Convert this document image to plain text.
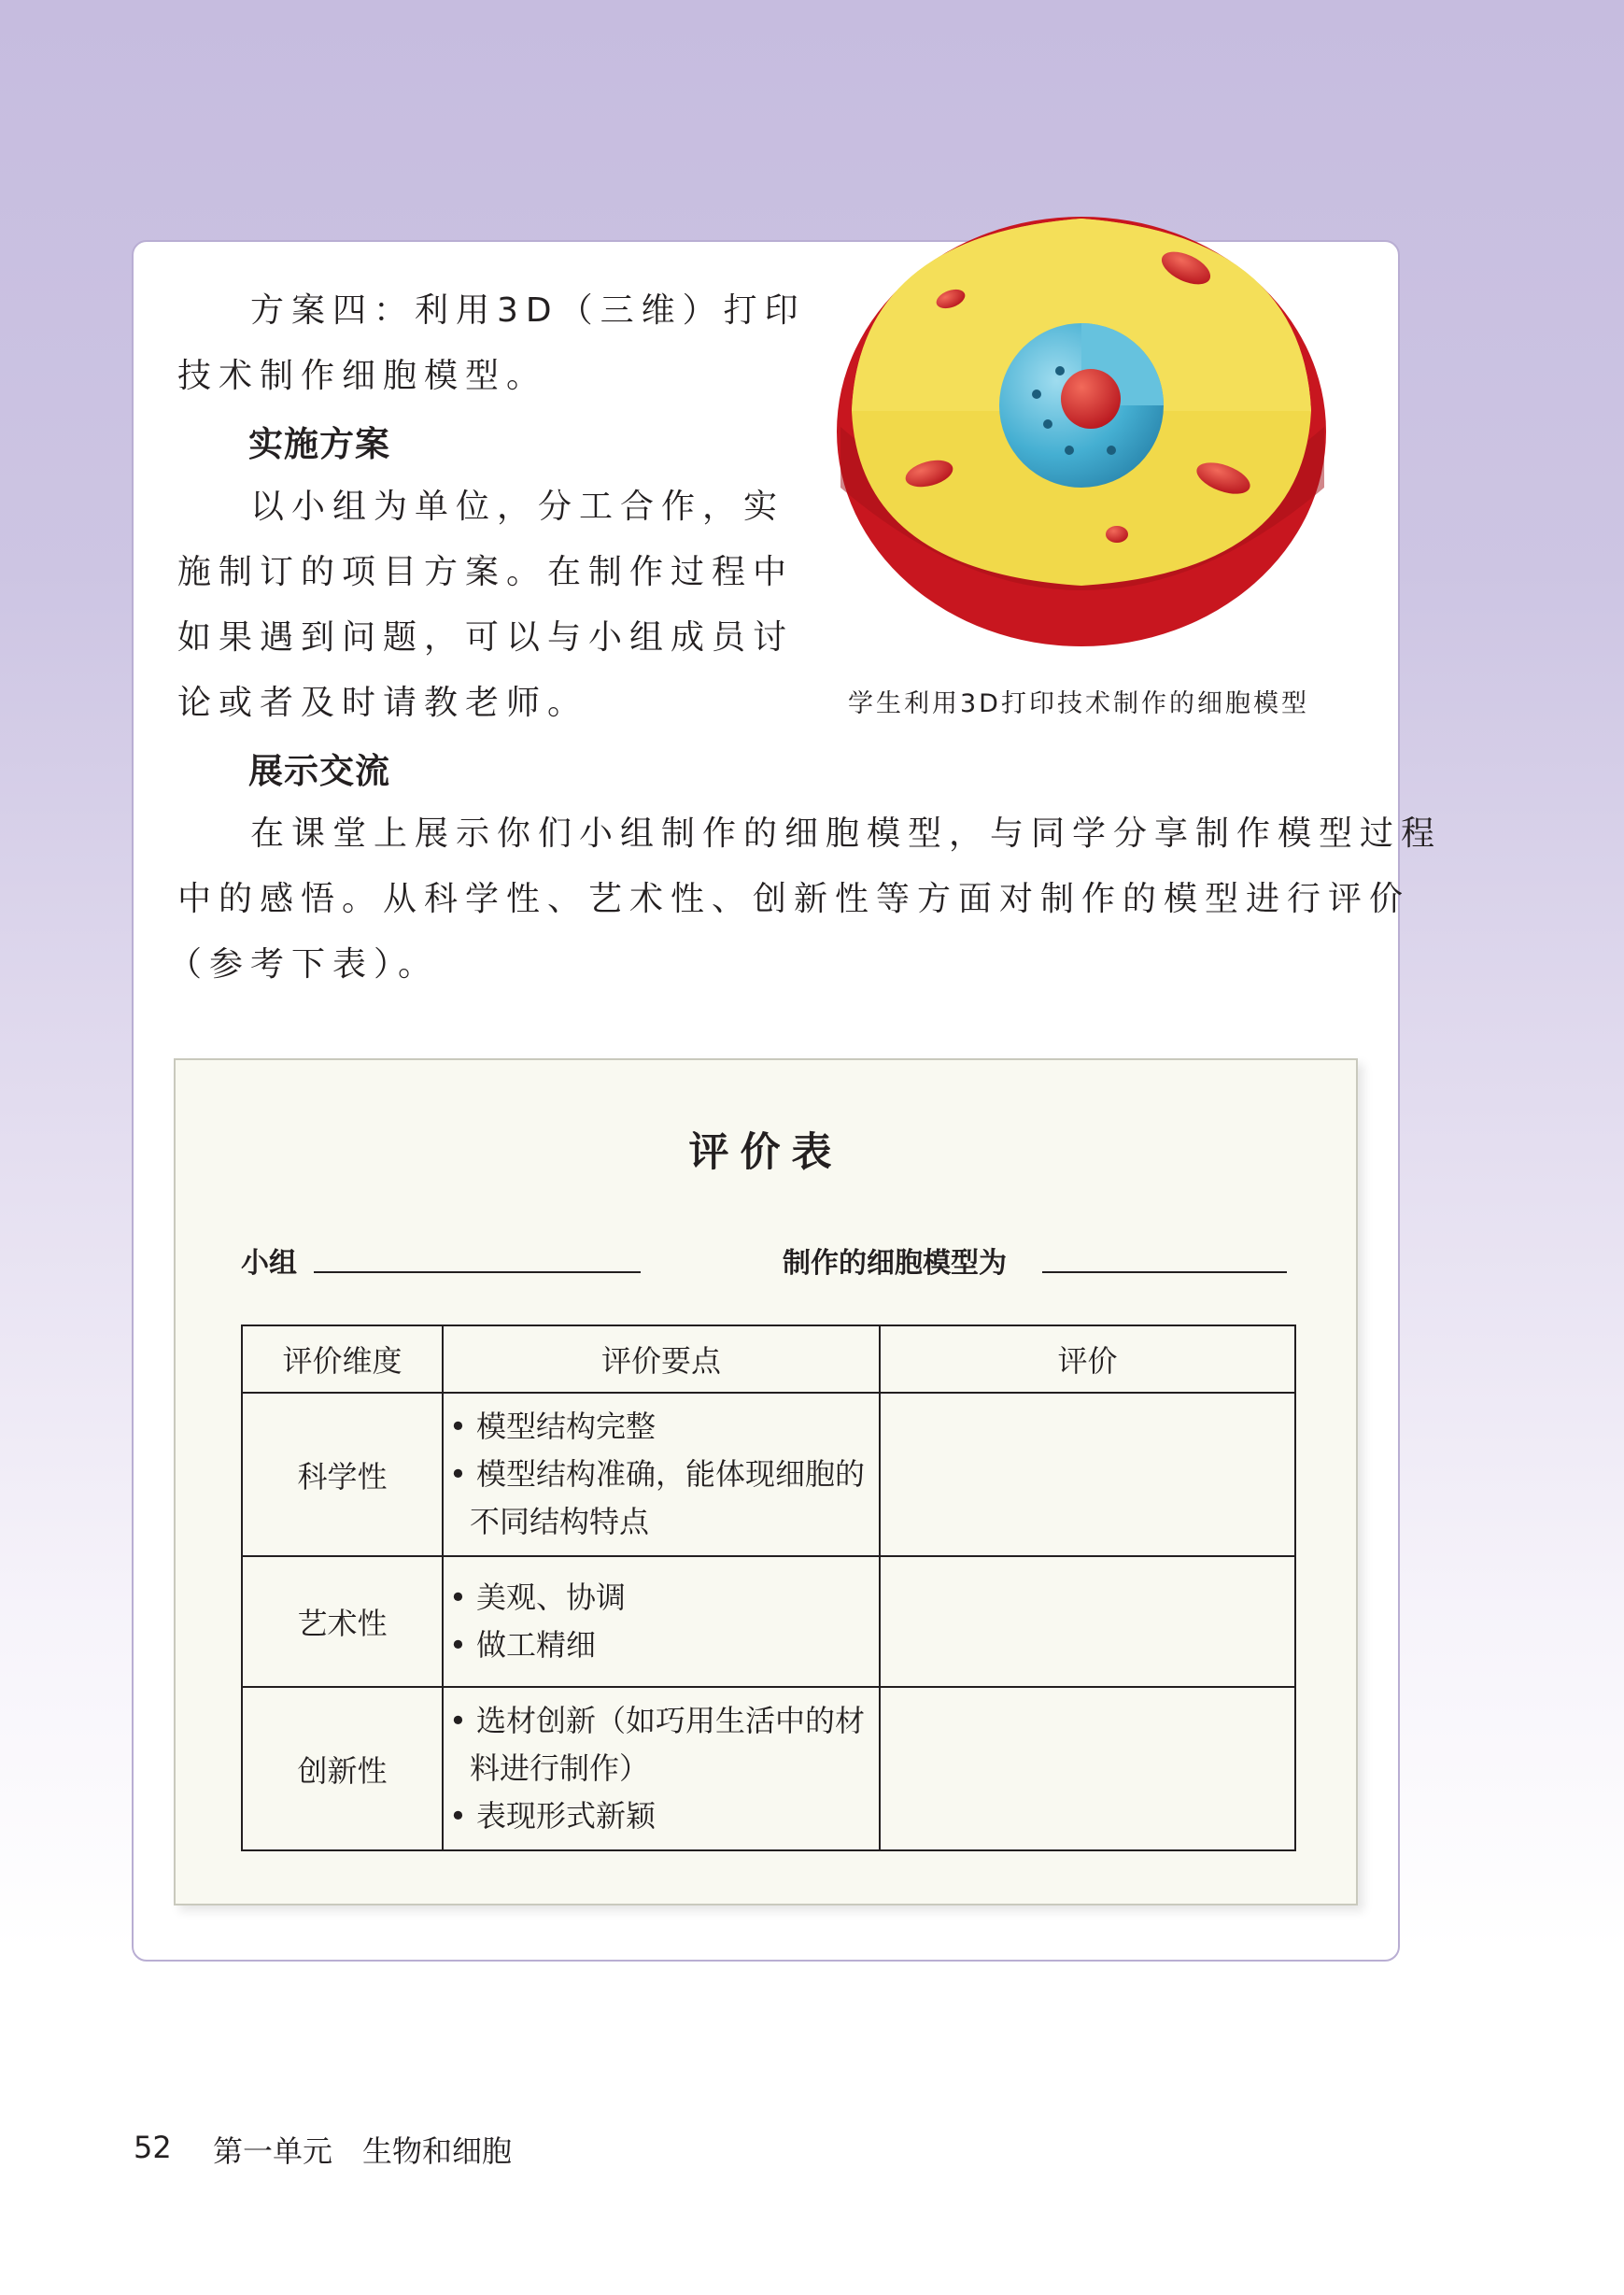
方案四：利用3D（三维）打印
技术制作细胞模型。
实施方案
以小组为单位，分工合作，实
施制订的项目方案。在制作过程中
如果遇到问题，可以与小组成员讨
论或者及时请教老师。	学生利用3D打印技术制作的细胞模型
展示交流
在课堂上展示你们小组制作的细胞模型，与同学分享制作模型过程
中的感悟。从科学性、艺术性、创新性等方面对制作的模型进行评价
（参考下表）。
评价表
小组	制作的细胞模型为
评价维度	评价要点	评价
科学性	• 模型结构完整
• 模型结构准确，能体现细胞的不同结构特点

艺术性	• 美观、协调
• 做工精细

创新性	• 选材创新（如巧用生活中的材料进行制作）
• 表现形式新颖

52 第一单元　生物和细胞
